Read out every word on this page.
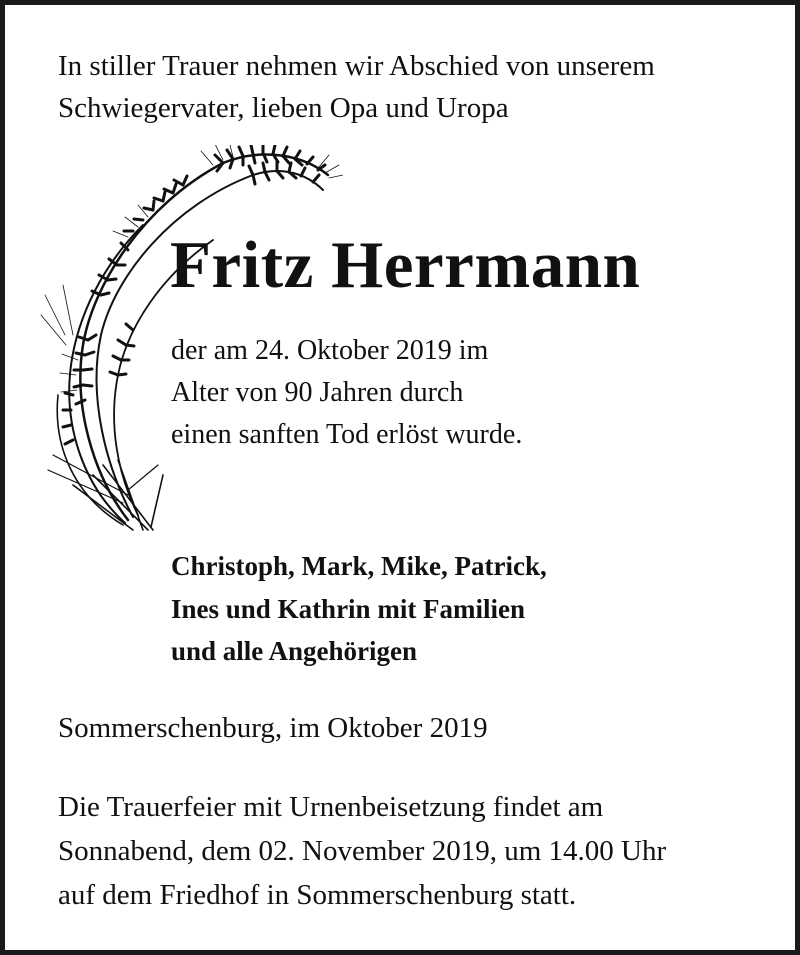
In stiller Trauer nehmen wir Abschied von unserem
Schwiegervater, lieben Opa und Uropa
Fritz Herrmann
der am 24. Oktober 2019 im
Alter von 90 Jahren durch
einen sanften Tod erlöst wurde.
Christoph, Mark, Mike, Patrick,
Ines und Kathrin mit Familien
und alle Angehörigen
Sommerschenburg, im Oktober 2019
Die Trauerfeier mit Urnenbeisetzung findet am
Sonnabend, dem 02. November 2019, um 14.00 Uhr
auf dem Friedhof in Sommerschenburg statt.
